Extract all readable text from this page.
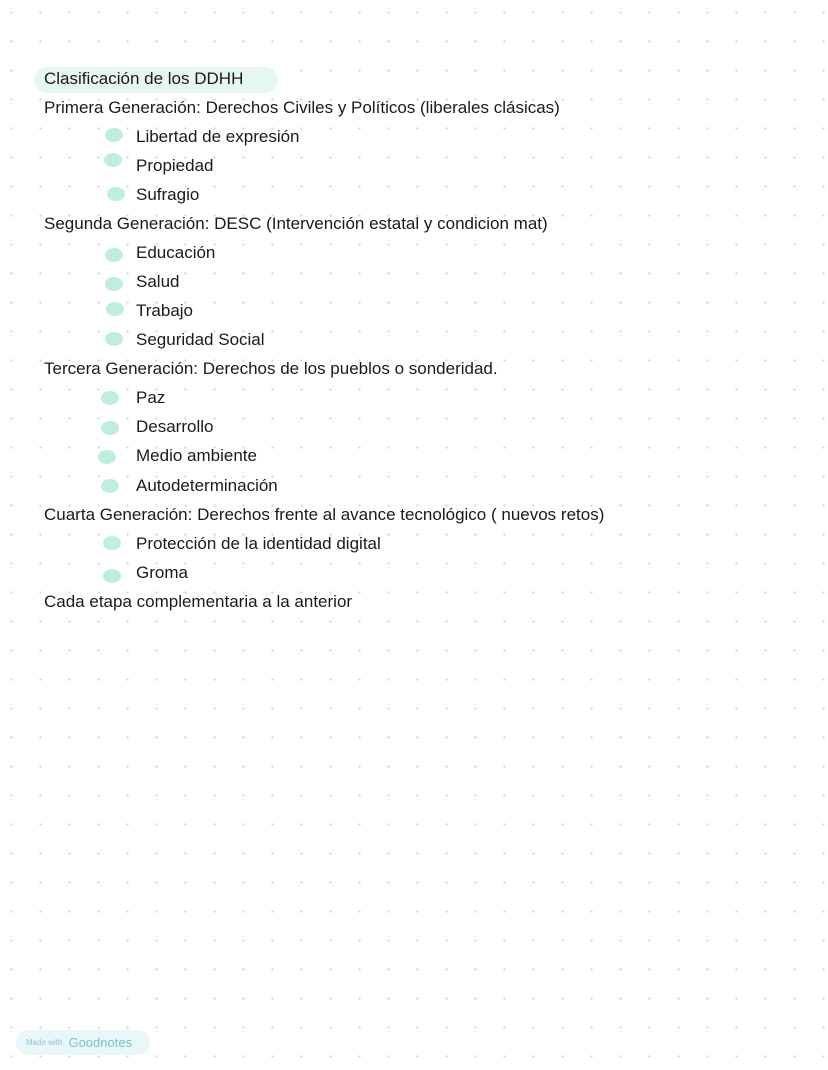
Clasificación de los DDHH
Primera Generación: Derechos Civiles y Políticos (liberales clásicas)
Libertad de expresión
Propiedad
Sufragio
Segunda Generación: DESC (Intervención estatal y condicion mat)
Educación
Salud
Trabajo
Seguridad Social
Tercera Generación: Derechos de los pueblos o sonderidad.
Paz
Desarrollo
Medio ambiente
Autodeterminación
Cuarta Generación: Derechos frente al avance tecnológico ( nuevos retos)
Protección de la identidad digital
Groma
Cada etapa complementaria a la anterior
Made with Goodnotes
